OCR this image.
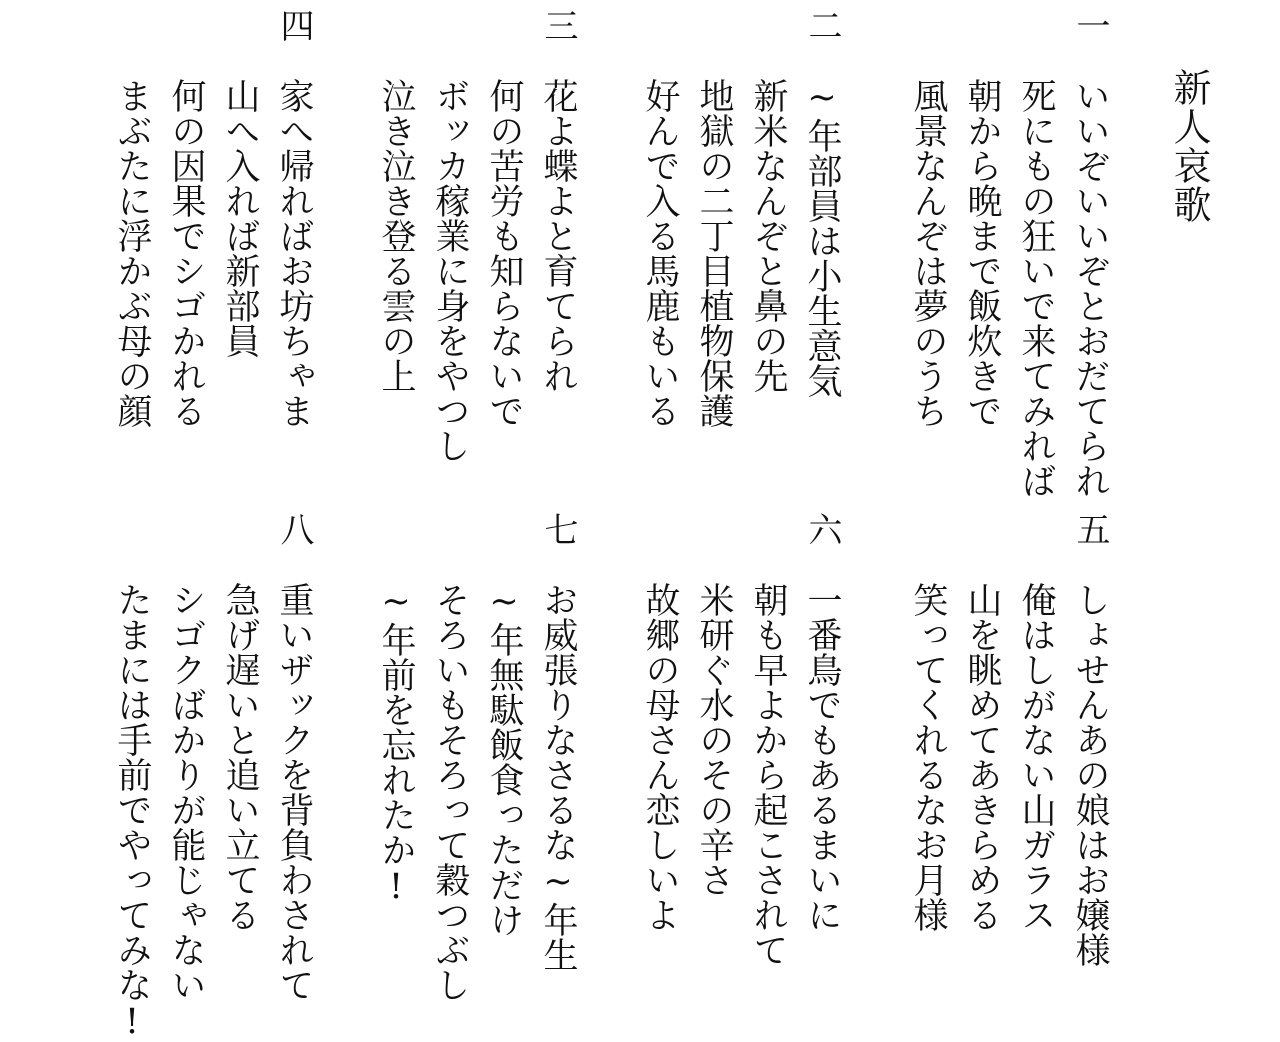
新人哀歌
一
いいぞいいぞとおだてられ
死にもの狂いで来てみれば
朝から晩まで飯炊きで
風景なんぞは夢のうち
二
~年部員は小生意気
新米なんぞと鼻の先
地獄の二丁目植物保護
好んで入る馬鹿もいる
三
花よ蝶よと育てられ
何の苦労も知らないで
ボッカ稼業に身をやつし
泣き泣き登る雲の上
四
家へ帰ればお坊ちゃま
山へ入れば新部員
何の因果でシゴかれる
まぶたに浮かぶ母の顔
五
しょせんあの娘はお嬢様
俺はしがない山ガラス
山を眺めてあきらめる
笑ってくれるなお月様
六
一番鳥でもあるまいに
朝も早よから起こされて
米研ぐ水のその辛さ
故郷の母さん恋しいよ
七
お威張りなさるな~年生
~年無駄飯食っただけ
そろいもそろって穀つぶし
~年前を忘れたか!
八
重いザックを背負わされて
急げ遅いと追い立てる
シゴクばかりが能じゃない
たまには手前でやってみな!
